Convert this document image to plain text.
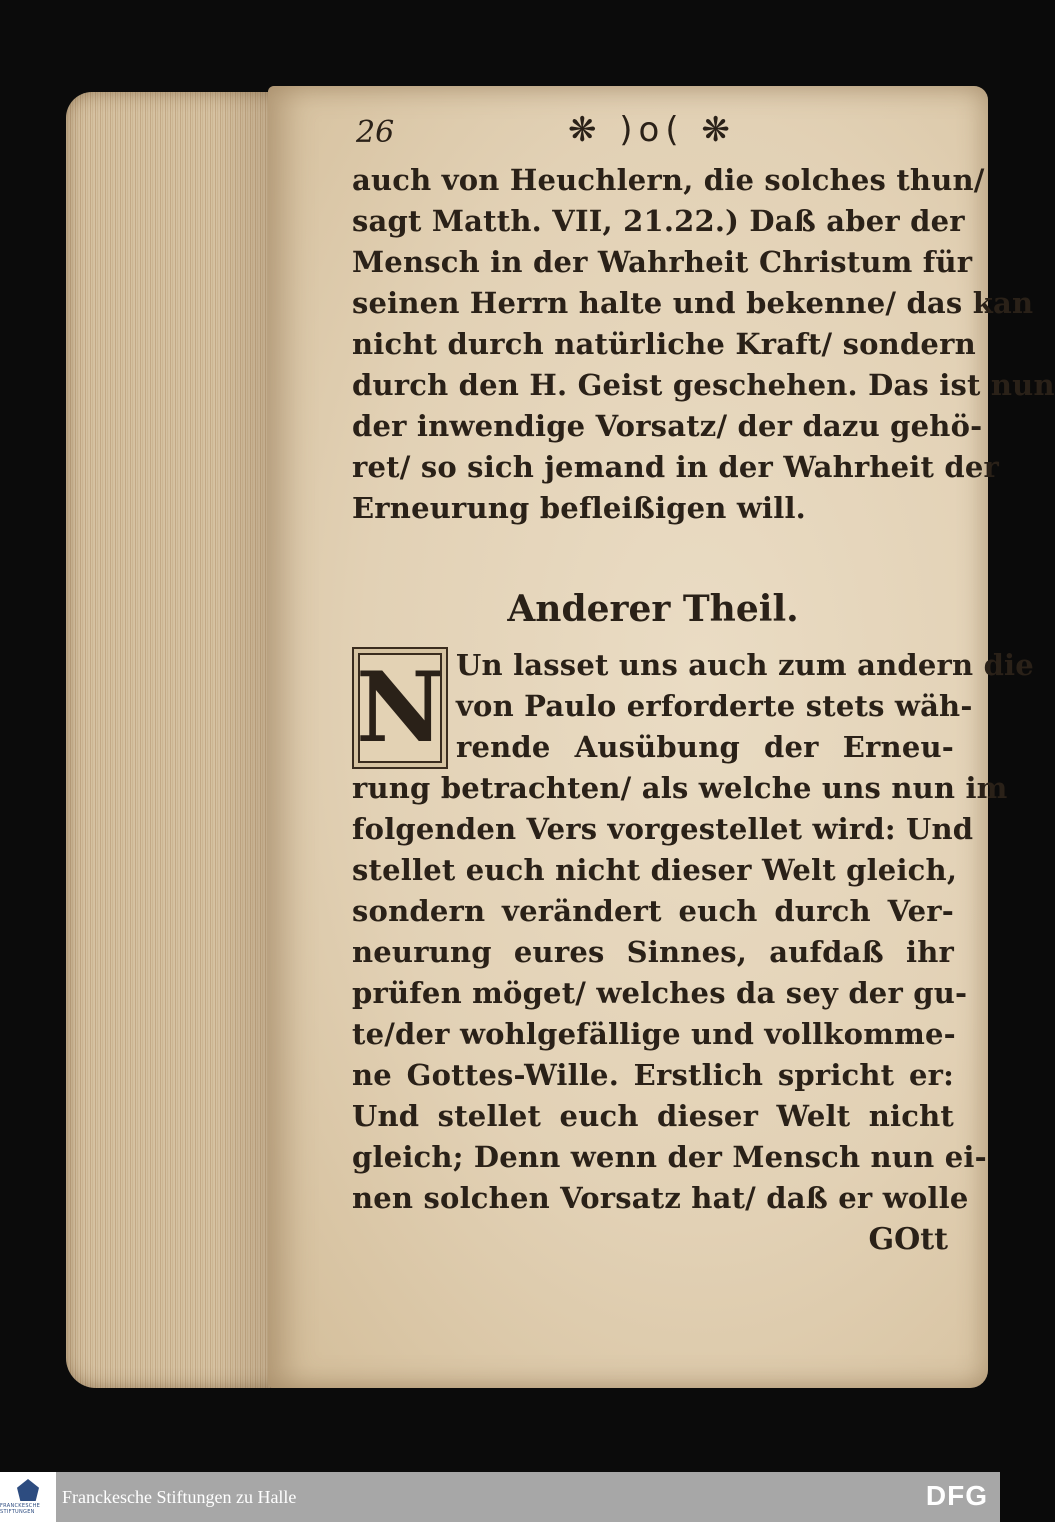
26	❋ )o( ❋
auch von Heuchlern, die solches thun/
sagt Matth. VII, 21.22.) Daß aber der
Mensch in der Wahrheit Christum für
seinen Herrn halte und bekenne/ das kan
nicht durch natürliche Kraft/ sondern
durch den H. Geist geschehen. Das ist nun
der inwendige Vorsatz/ der dazu gehö-
ret/ so sich jemand in der Wahrheit der
Erneurung befleißigen will.
Anderer Theil.
N Un lasset uns auch zum andern die
von Paulo erforderte stets wäh-
rende Ausübung der Erneu-
rung betrachten/ als welche uns nun im
folgenden Vers vorgestellet wird: Und
stellet euch nicht dieser Welt gleich,
sondern verändert euch durch Ver-
neurung eures Sinnes, aufdaß ihr
prüfen möget/ welches da sey der gu-
te/der wohlgefällige und vollkomme-
ne Gottes-Wille. Erstlich spricht er:
Und stellet euch dieser Welt nicht
gleich; Denn wenn der Mensch nun ei-
nen solchen Vorsatz hat/ daß er wolle
GOtt
FRANCKESCHE STIFTUNGEN
Franckesche Stiftungen zu Halle	DFG
